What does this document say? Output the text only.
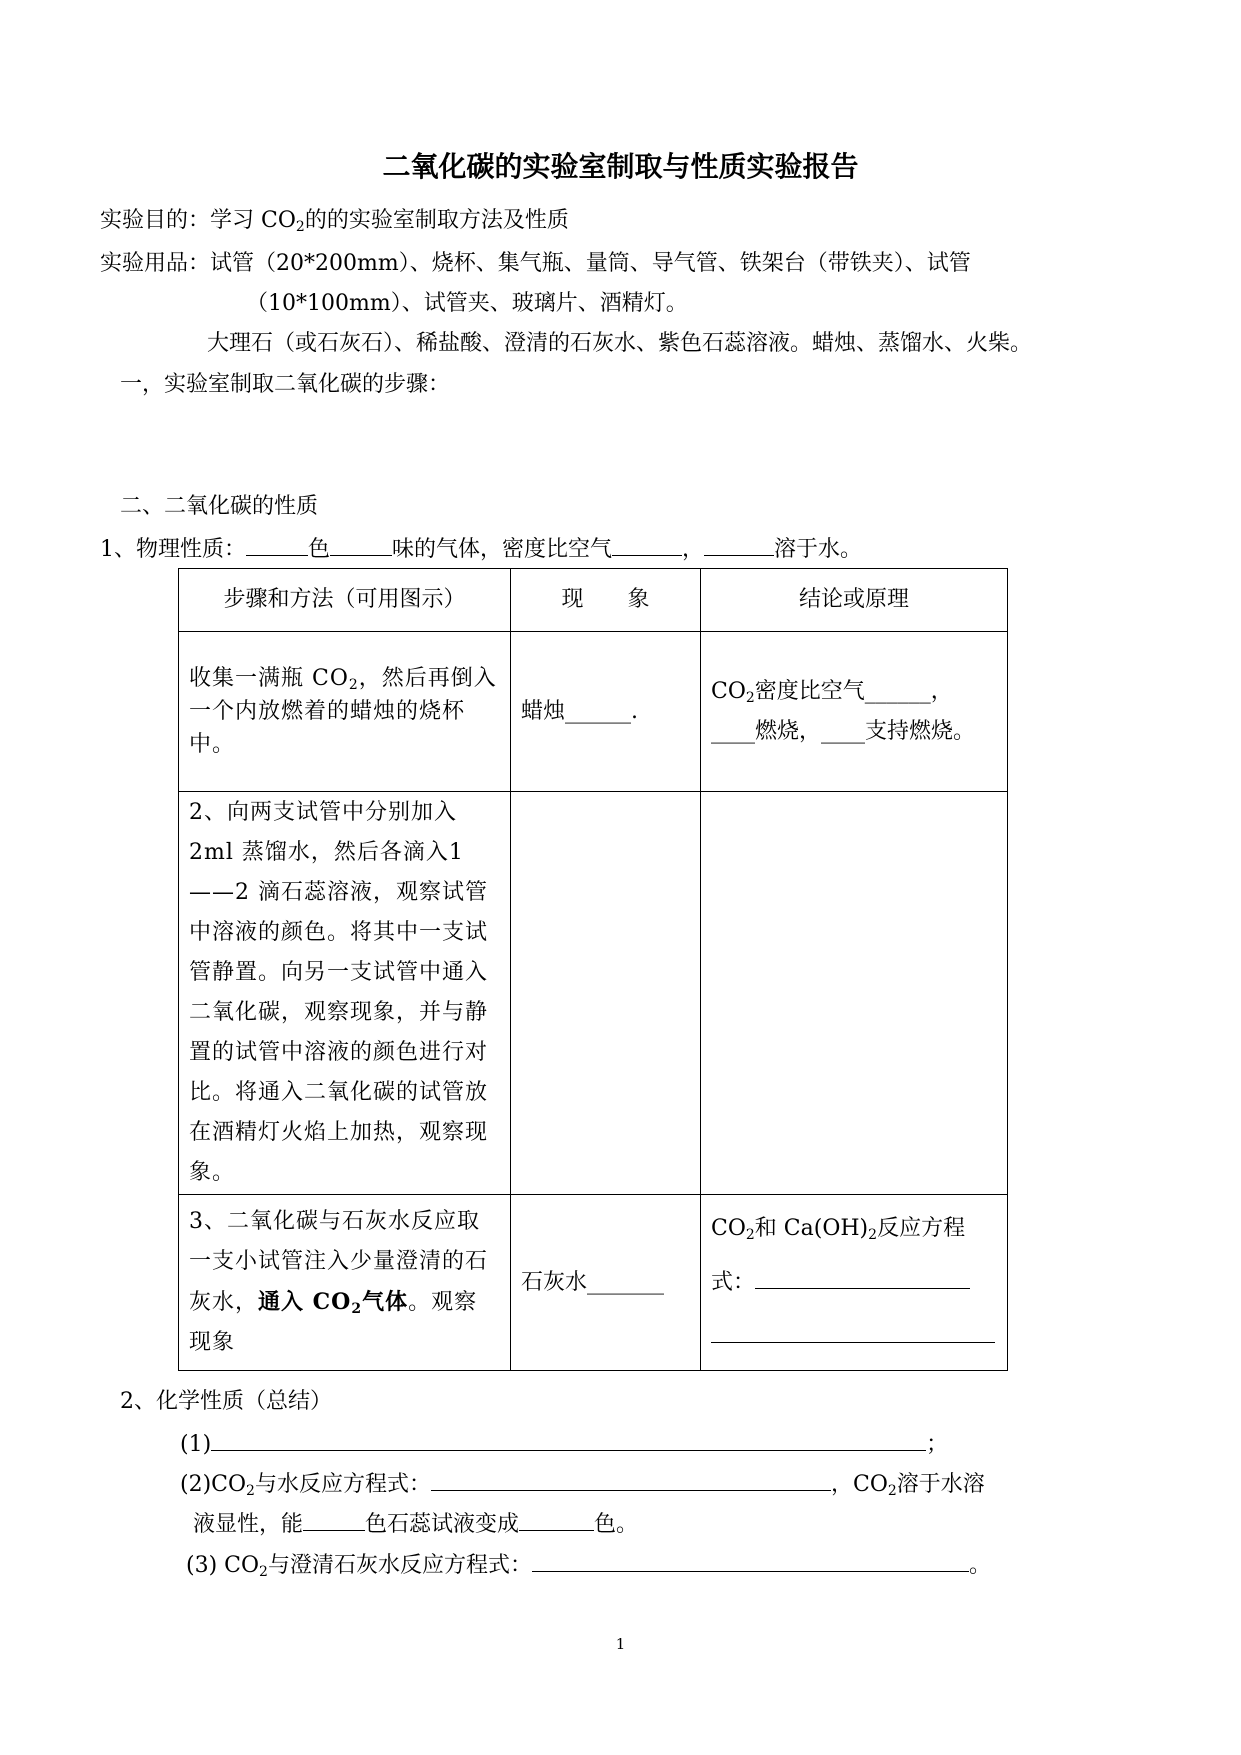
二氧化碳的实验室制取与性质实验报告
实验目的：学习 $CO_2$的的实验室制取方法及性质
实验用品：试管（20*200mm）、烧杯、集气瓶、量筒、导气管、铁架台（带铁夹）、试管
（10*100mm）、试管夹、玻璃片、酒精灯。
大理石（或石灰石）、稀盐酸、澄清的石灰水、紫色石蕊溶液。蜡烛、蒸馏水、火柴。
一，实验室制取二氧化碳的步骤：
二、二氧化碳的性质
1、物理性质：	色	味的气体，密度比空气	，	溶于水。
步骤和方法（可用图示）	现　　象	结论或原理
收集一满瓶 $CO_2$，然后再倒入一个内放燃着的蜡烛的烧杯中。	蜡烛______.	$CO_2$密度比空气______，
____燃烧，____支持燃烧。
2、向两支试管中分别加入2ml 蒸馏水，然后各滴入1——2 滴石蕊溶液，观察试管中溶液的颜色。将其中一支试管静置。向另一支试管中通入二氧化碳，观察现象，并与静置的试管中溶液的颜色进行对比。将通入二氧化碳的试管放在酒精灯火焰上加热，观察现象。		
3、二氧化碳与石灰水反应取一支小试管注入少量澄清的石灰水，通入 $CO_2$气体。观察现象	石灰水_______	$CO_2$和 $Ca(OH)_2$反应方程式：

2、化学性质（总结）
(1)	；
$(2)CO_2$与水反应方程式：	，$CO_2$溶于水溶
液显性，能	色石蕊试液变成	色。
(3) $CO_2$与澄清石灰水反应方程式：	。
1
